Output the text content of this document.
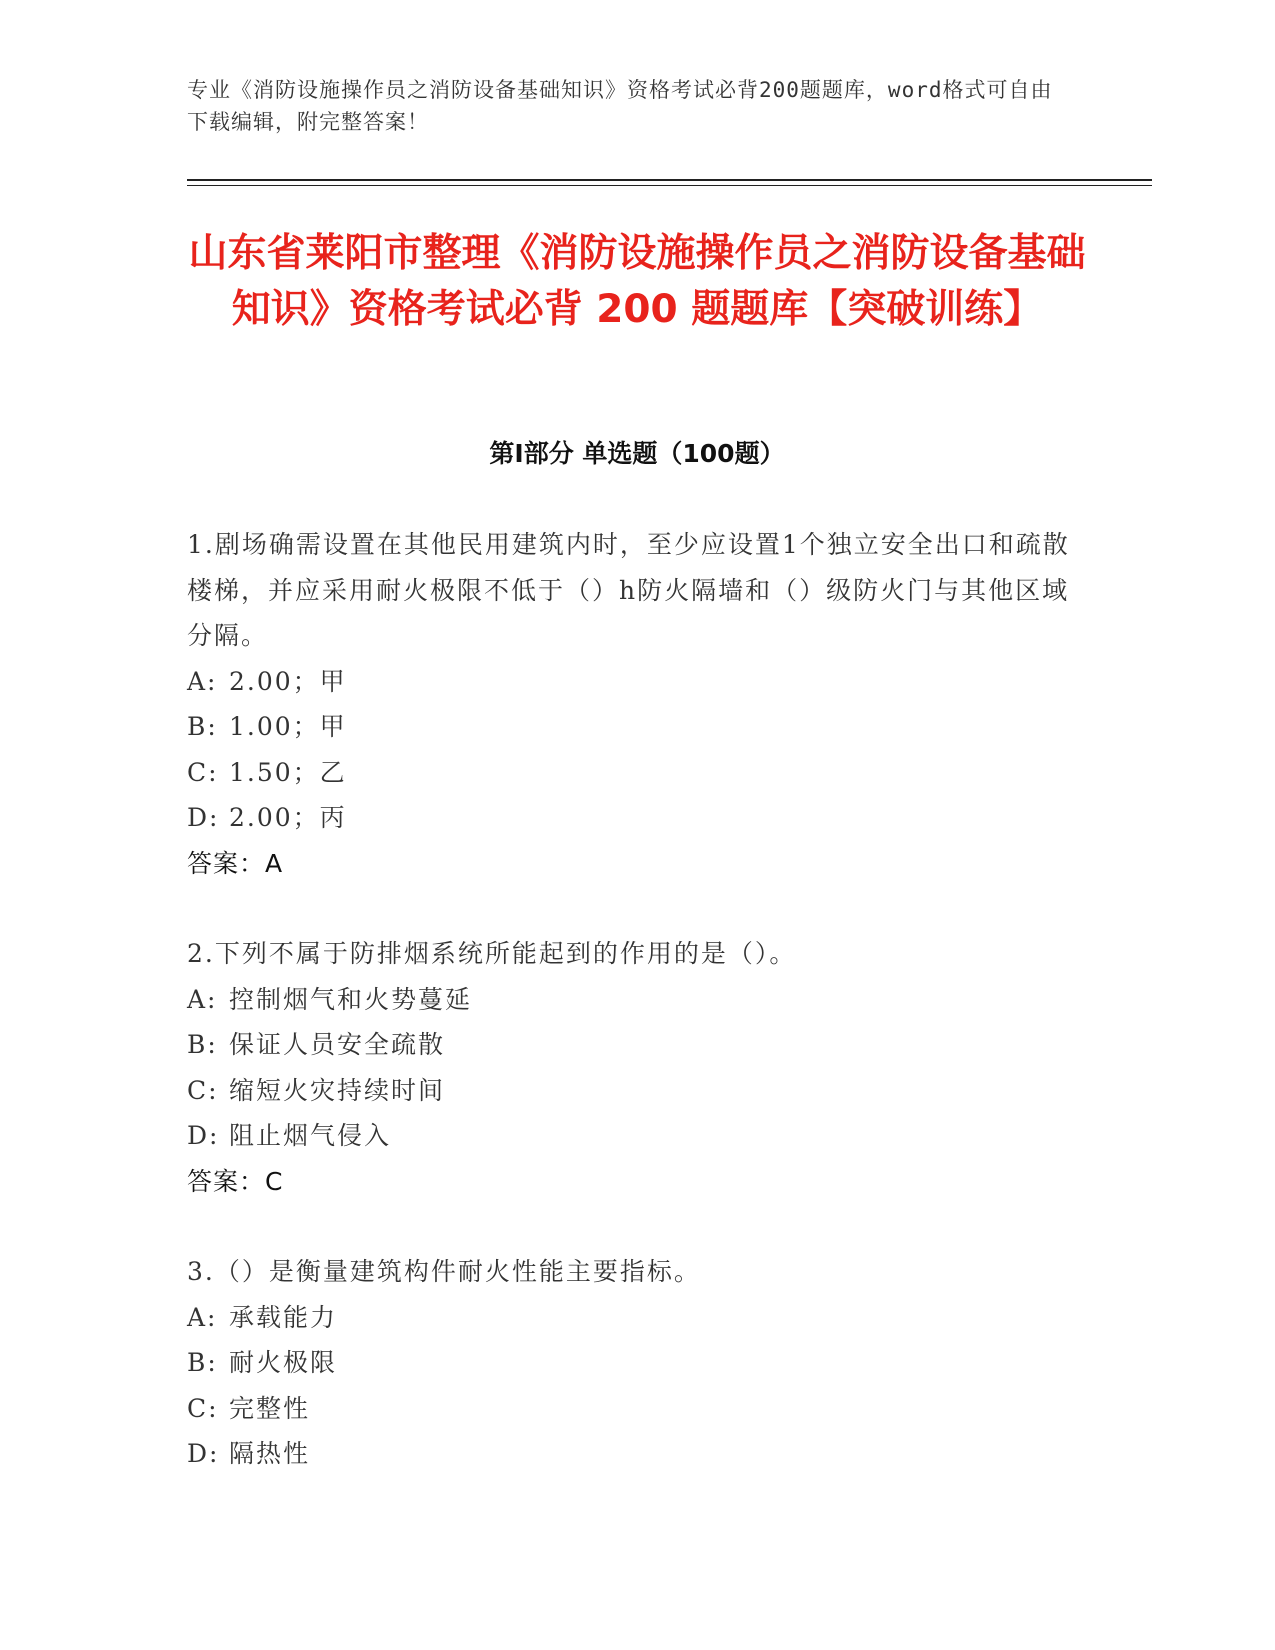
专业《消防设施操作员之消防设备基础知识》资格考试必背200题题库，word格式可自由下载编辑，附完整答案！
山东省莱阳市整理《消防设施操作员之消防设备基础知识》资格考试必背 200 题题库【突破训练】
第Ⅰ部分 单选题（100题）
1.剧场确需设置在其他民用建筑内时，至少应设置1个独立安全出口和疏散楼梯，并应采用耐火极限不低于（）h防火隔墙和（）级防火门与其他区域分隔。
A: 2.00；甲
B: 1.00；甲
C: 1.50；乙
D: 2.00；丙
答案：A
2.下列不属于防排烟系统所能起到的作用的是（）。
A: 控制烟气和火势蔓延
B: 保证人员安全疏散
C: 缩短火灾持续时间
D: 阻止烟气侵入
答案：C
3.（）是衡量建筑构件耐火性能主要指标。
A: 承载能力
B: 耐火极限
C: 完整性
D: 隔热性
